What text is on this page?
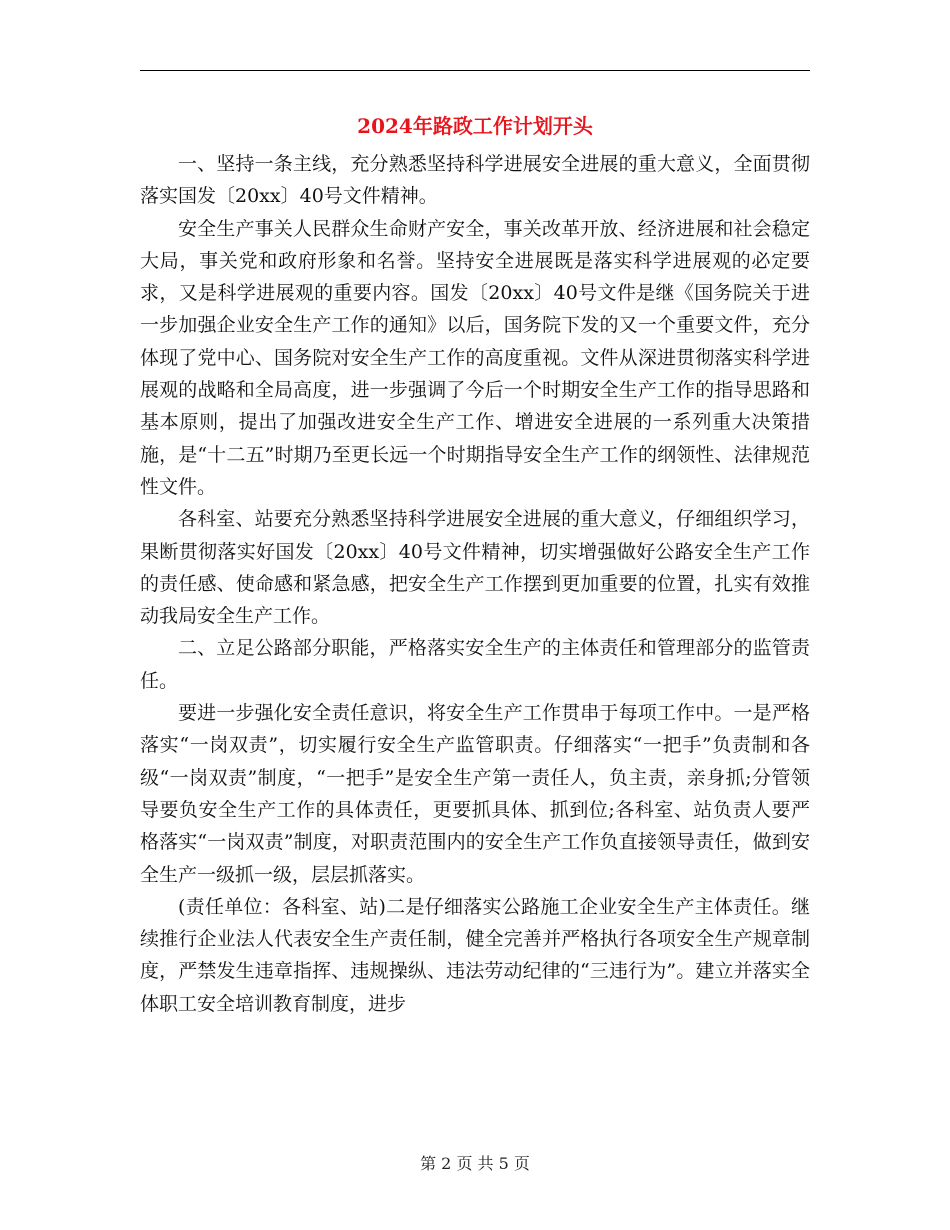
2024年路政工作计划开头

一、坚持一条主线，充分熟悉坚持科学进展安全进展的重大意义，全面贯彻落实国发〔20xx〕40号文件精神。

安全生产事关人民群众生命财产安全，事关改革开放、经济进展和社会稳定大局，事关党和政府形象和名誉。坚持安全进展既是落实科学进展观的必定要求，又是科学进展观的重要内容。国发〔20xx〕40号文件是继《国务院关于进一步加强企业安全生产工作的通知》以后，国务院下发的又一个重要文件，充分体现了党中心、国务院对安全生产工作的高度重视。文件从深进贯彻落实科学进展观的战略和全局高度，进一步强调了今后一个时期安全生产工作的指导思路和基本原则，提出了加强改进安全生产工作、增进安全进展的一系列重大决策措施，是“十二五”时期乃至更长远一个时期指导安全生产工作的纲领性、法律规范性文件。

各科室、站要充分熟悉坚持科学进展安全进展的重大意义，仔细组织学习，果断贯彻落实好国发〔20xx〕40号文件精神，切实增强做好公路安全生产工作的责任感、使命感和紧急感，把安全生产工作摆到更加重要的位置，扎实有效推动我局安全生产工作。

二、立足公路部分职能，严格落实安全生产的主体责任和管理部分的监管责任。

要进一步强化安全责任意识，将安全生产工作贯串于每项工作中。一是严格落实“一岗双责”，切实履行安全生产监管职责。仔细落实“一把手”负责制和各级“一岗双责”制度，“一把手”是安全生产第一责任人，负主责，亲身抓;分管领导要负安全生产工作的具体责任，更要抓具体、抓到位;各科室、站负责人要严格落实“一岗双责”制度，对职责范围内的安全生产工作负直接领导责任，做到安全生产一级抓一级，层层抓落实。

(责任单位：各科室、站)二是仔细落实公路施工企业安全生产主体责任。继续推行企业法人代表安全生产责任制，健全完善并严格执行各项安全生产规章制度，严禁发生违章指挥、违规操纵、违法劳动纪律的“三违行为”。建立并落实全体职工安全培训教育制度，进步

第 2 页 共 5 页
